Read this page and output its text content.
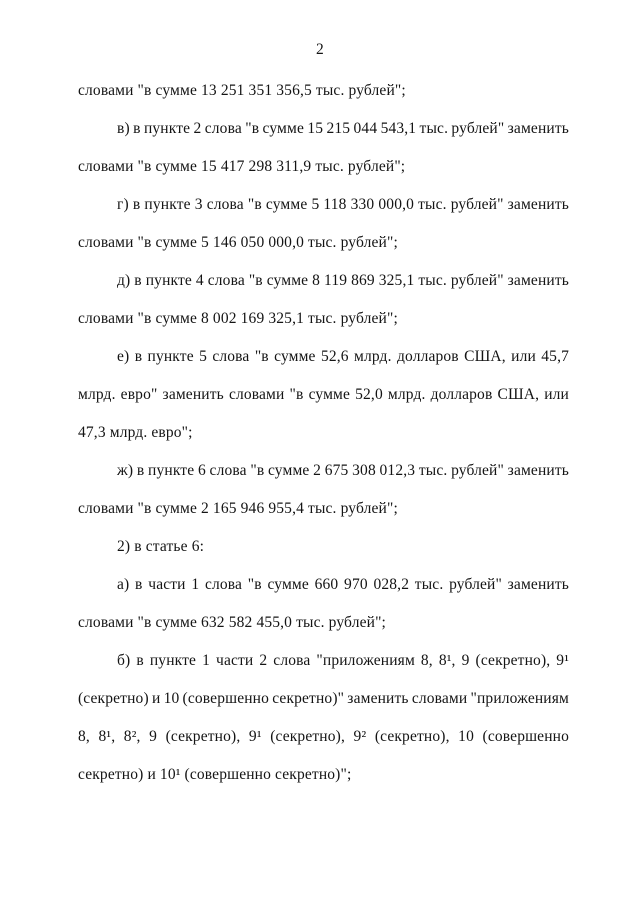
2
словами "в сумме 13 251 351 356,5 тыс. рублей";
в) в пункте 2 слова "в сумме 15 215 044 543,1 тыс. рублей" заменить
словами "в сумме 15 417 298 311,9 тыс. рублей";
г) в пункте 3 слова "в сумме 5 118 330 000,0 тыс. рублей" заменить
словами "в сумме 5 146 050 000,0 тыс. рублей";
д) в пункте 4 слова "в сумме 8 119 869 325,1 тыс. рублей" заменить
словами "в сумме 8 002 169 325,1 тыс. рублей";
е) в пункте 5 слова "в сумме 52,6 млрд. долларов США, или 45,7
млрд. евро" заменить словами "в сумме 52,0 млрд. долларов США, или
47,3 млрд. евро";
ж) в пункте 6 слова "в сумме 2 675 308 012,3 тыс. рублей" заменить
словами "в сумме 2 165 946 955,4 тыс. рублей";
2) в статье 6:
а) в части 1 слова "в сумме 660 970 028,2 тыс. рублей" заменить
словами "в сумме 632 582 455,0 тыс. рублей";
б) в пункте 1 части 2 слова "приложениям 8, 8¹, 9 (секретно), 9¹
(секретно) и 10 (совершенно секретно)" заменить словами "приложениям
8, 8¹, 8², 9 (секретно), 9¹ (секретно), 9² (секретно), 10 (совершенно
секретно) и 10¹ (совершенно секретно)";
